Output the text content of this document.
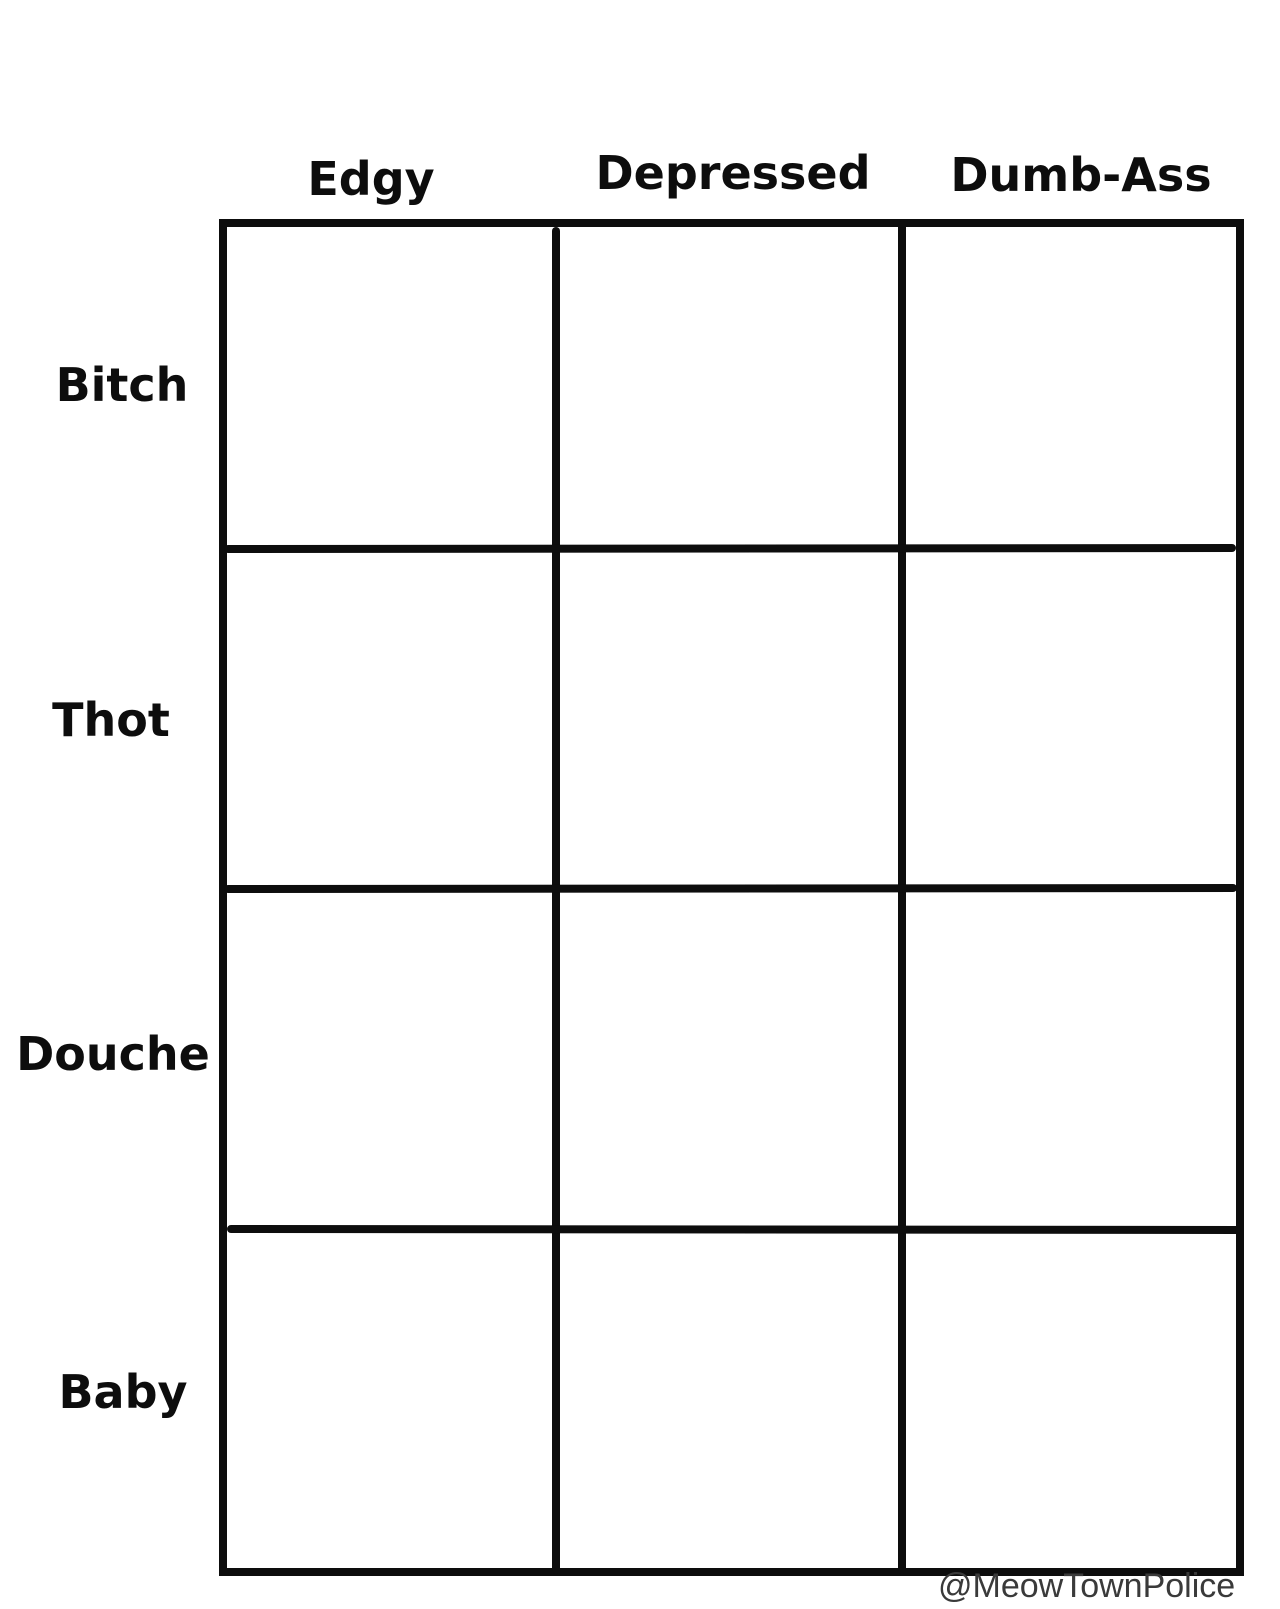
Edgy	Depressed Dumb-Ass
Bitch
Thot
Douche
Baby
@MeowTownPolice
